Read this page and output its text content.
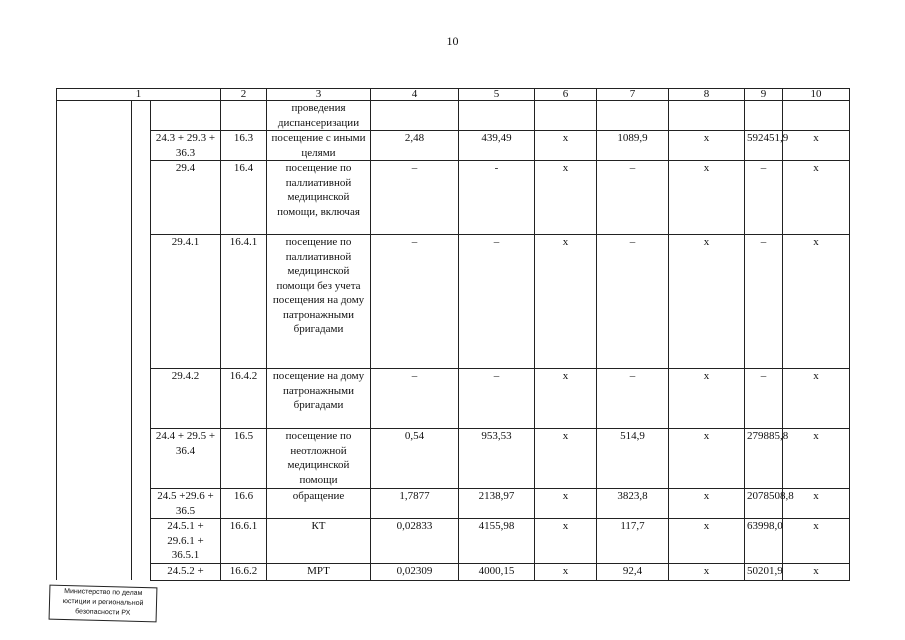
10
1		2	3	4	5	6	7	8	9	10

			проведения диспансеризации							

	24.3 + 29.3 + 36.3	16.3	посещение с иными целями	2,48	439,49	x	1089,9	x	592451,9	x

	29.4	16.4	посещение по паллиативной медицинской помощи, включая	–	-	x	–	x	–	x

	29.4.1	16.4.1	посещение по паллиативной медицинской помощи без учета посещения на дому патронажными бригадами	–	–	x	–	x	–	x

	29.4.2	16.4.2	посещение на дому патронажными бригадами	–	–	x	–	x	–	x

	24.4 + 29.5 + 36.4	16.5	посещение по неотложной медицинской помощи	0,54	953,53	x	514,9	x	279885,8	x

	24.5 +29.6 + 36.5	16.6	обращение	1,7877	2138,97	x	3823,8	x	2078508,8	x

	24.5.1 + 29.6.1 + 36.5.1	16.6.1	КТ	0,02833	4155,98	x	117,7	x	63998,0	x

	24.5.2 +	16.6.2	МРТ	0,02309	4000,15	x	92,4	x	50201,9	x
Министерство по делам
юстиции и региональной
безопасности РХ
